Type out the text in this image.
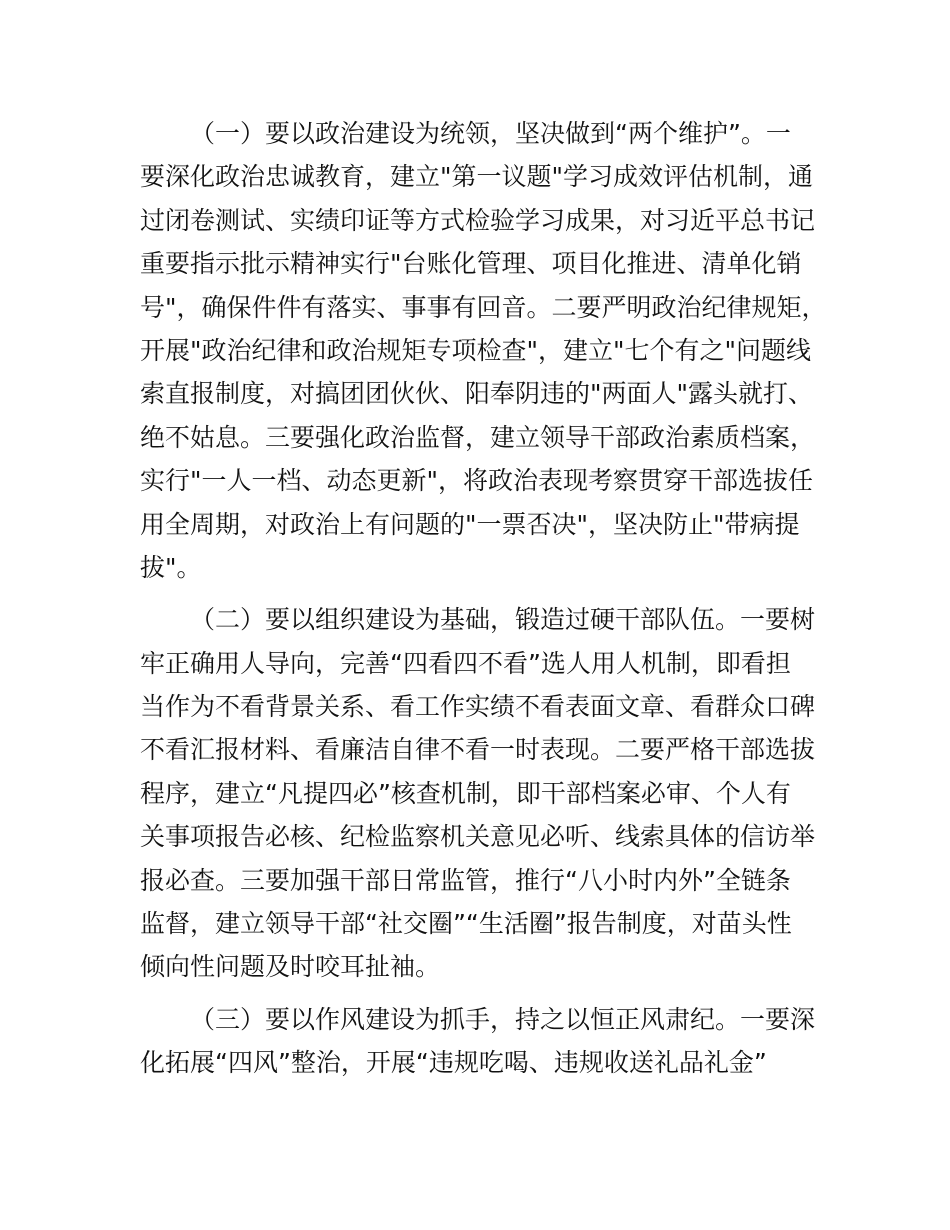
（一）要以政治建设为统领，坚决做到“两个维护”。一
要深化政治忠诚教育，建立"第一议题"学习成效评估机制，通
过闭卷测试、实绩印证等方式检验学习成果，对习近平总书记
重要指示批示精神实行"台账化管理、项目化推进、清单化销
号"，确保件件有落实、事事有回音。二要严明政治纪律规矩，
开展"政治纪律和政治规矩专项检查"，建立"七个有之"问题线
索直报制度，对搞团团伙伙、阳奉阴违的"两面人"露头就打、
绝不姑息。三要强化政治监督，建立领导干部政治素质档案，
实行"一人一档、动态更新"，将政治表现考察贯穿干部选拔任
用全周期，对政治上有问题的"一票否决"，坚决防止"带病提
拔"。
（二）要以组织建设为基础，锻造过硬干部队伍。一要树
牢正确用人导向，完善“四看四不看”选人用人机制，即看担
当作为不看背景关系、看工作实绩不看表面文章、看群众口碑
不看汇报材料、看廉洁自律不看一时表现。二要严格干部选拔
程序，建立“凡提四必”核查机制，即干部档案必审、个人有
关事项报告必核、纪检监察机关意见必听、线索具体的信访举
报必查。三要加强干部日常监管，推行“八小时内外”全链条
监督，建立领导干部“社交圈”“生活圈”报告制度，对苗头性
倾向性问题及时咬耳扯袖。
（三）要以作风建设为抓手，持之以恒正风肃纪。一要深
化拓展“四风”整治，开展“违规吃喝、违规收送礼品礼金”
